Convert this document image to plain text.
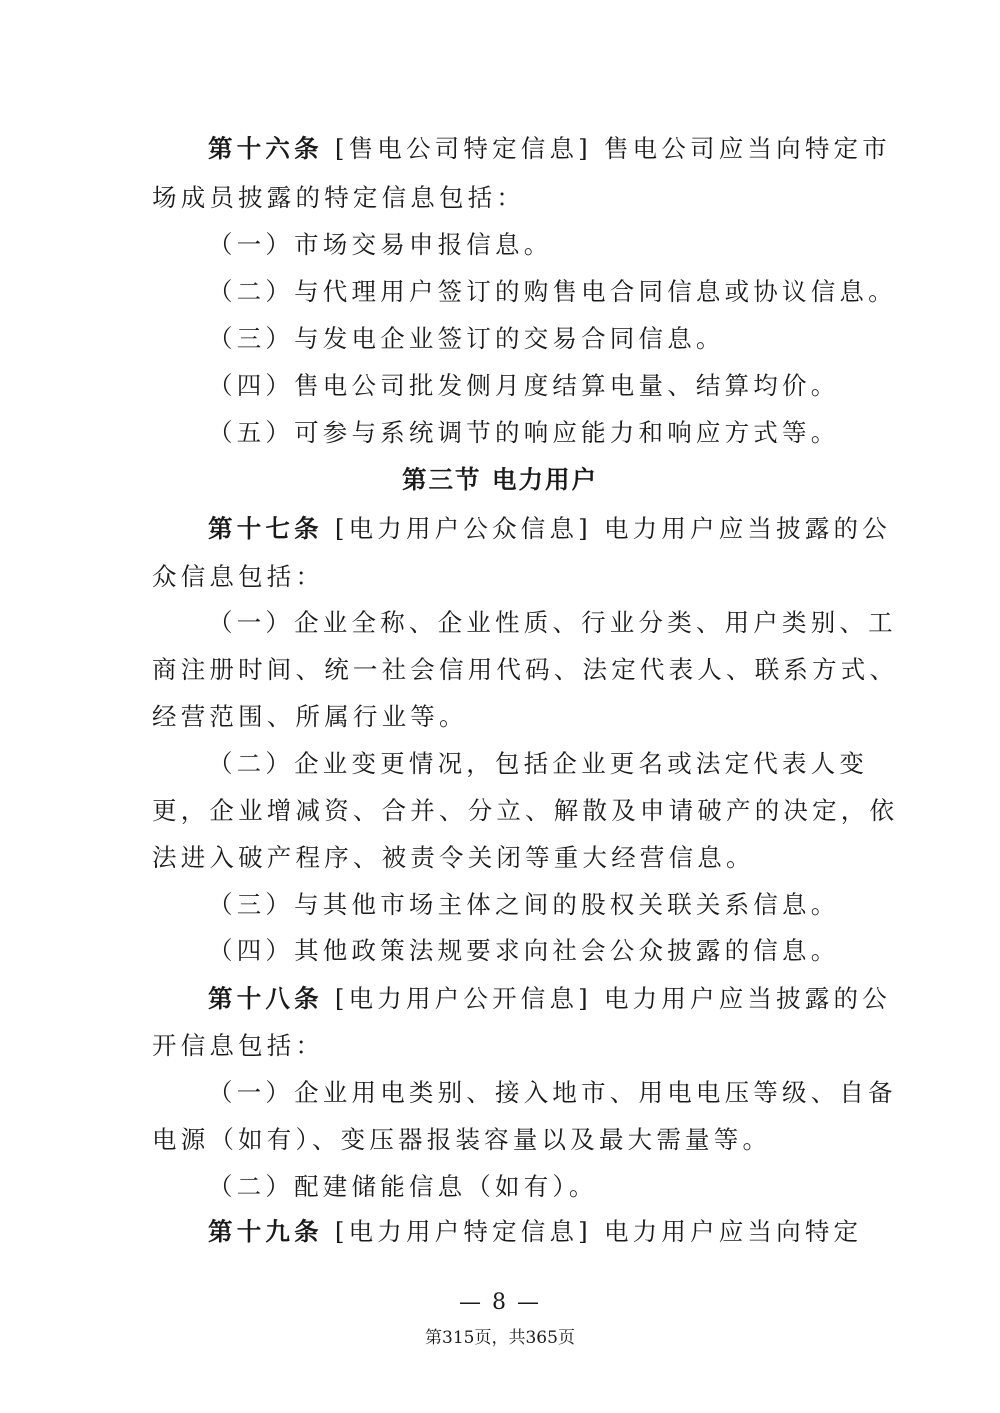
第十六条 [售电公司特定信息] 售电公司应当向特定市
场成员披露的特定信息包括：
（一）市场交易申报信息。
（二）与代理用户签订的购售电合同信息或协议信息。
（三）与发电企业签订的交易合同信息。
（四）售电公司批发侧月度结算电量、结算均价。
（五）可参与系统调节的响应能力和响应方式等。
第三节 电力用户
第十七条 [电力用户公众信息] 电力用户应当披露的公
众信息包括：
（一）企业全称、企业性质、行业分类、用户类别、工
商注册时间、统一社会信用代码、法定代表人、联系方式、
经营范围、所属行业等。
（二）企业变更情况，包括企业更名或法定代表人变
更，企业增减资、合并、分立、解散及申请破产的决定，依
法进入破产程序、被责令关闭等重大经营信息。
（三）与其他市场主体之间的股权关联关系信息。
（四）其他政策法规要求向社会公众披露的信息。
第十八条 [电力用户公开信息] 电力用户应当披露的公
开信息包括：
（一）企业用电类别、接入地市、用电电压等级、自备
电源（如有）、变压器报装容量以及最大需量等。
（二）配建储能信息（如有）。
第十九条 [电力用户特定信息] 电力用户应当向特定
— 8 —
第315页，共365页
